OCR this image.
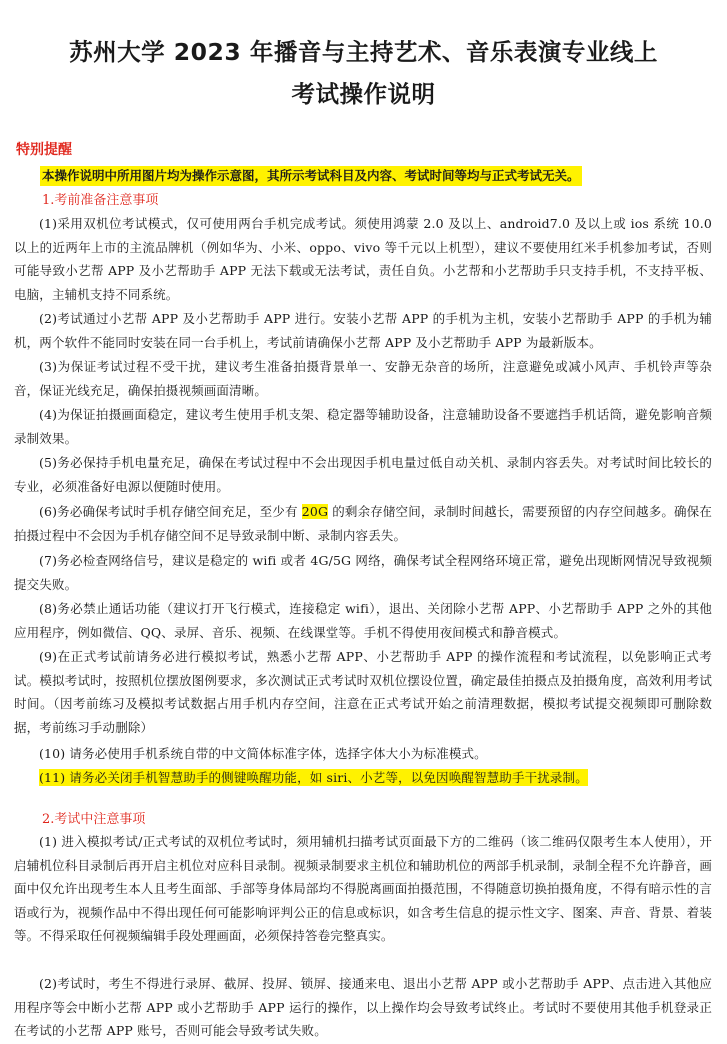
苏州大学 2023 年播音与主持艺术、音乐表演专业线上
考试操作说明
特别提醒
本操作说明中所用图片均为操作示意图，其所示考试科目及内容、考试时间等均与正式考试无关。
1.考前准备注意事项

(1)采用双机位考试模式，仅可使用两台手机完成考试。须使用鸿蒙 2.0 及以上、android7.0 及以上或 ios 系统 10.0 以上的近两年上市的主流品牌机（例如华为、小米、oppo、vivo 等千元以上机型），建议不要使用红米手机参加考试，否则可能导致小艺帮 APP 及小艺帮助手 APP 无法下载或无法考试，责任自负。小艺帮和小艺帮助手只支持手机，不支持平板、电脑，主辅机支持不同系统。

(2)考试通过小艺帮 APP 及小艺帮助手 APP 进行。安装小艺帮 APP 的手机为主机，安装小艺帮助手 APP 的手机为辅机，两个软件不能同时安装在同一台手机上，考试前请确保小艺帮 APP 及小艺帮助手 APP 为最新版本。

(3)为保证考试过程不受干扰，建议考生准备拍摄背景单一、安静无杂音的场所，注意避免或减小风声、手机铃声等杂音，保证光线充足，确保拍摄视频画面清晰。

(4)为保证拍摄画面稳定，建议考生使用手机支架、稳定器等辅助设备，注意辅助设备不要遮挡手机话筒，避免影响音频录制效果。

(5)务必保持手机电量充足，确保在考试过程中不会出现因手机电量过低自动关机、录制内容丢失。对考试时间比较长的专业，必须准备好电源以便随时使用。

(6)务必确保考试时手机存储空间充足，至少有 20G 的剩余存储空间，录制时间越长，需要预留的内存空间越多。确保在拍摄过程中不会因为手机存储空间不足导致录制中断、录制内容丢失。

(7)务必检查网络信号，建议是稳定的 wifi 或者 4G/5G 网络，确保考试全程网络环境正常，避免出现断网情况导致视频提交失败。

(8)务必禁止通话功能（建议打开飞行模式，连接稳定 wifi），退出、关闭除小艺帮 APP、小艺帮助手 APP 之外的其他应用程序，例如微信、QQ、录屏、音乐、视频、在线课堂等。手机不得使用夜间模式和静音模式。

(9)在正式考试前请务必进行模拟考试，熟悉小艺帮 APP、小艺帮助手 APP 的操作流程和考试流程，以免影响正式考试。模拟考试时，按照机位摆放图例要求，多次测试正式考试时双机位摆设位置，确定最佳拍摄点及拍摄角度，高效利用考试时间。（因考前练习及模拟考试数据占用手机内存空间，注意在正式考试开始之前清理数据，模拟考试提交视频即可删除数据，考前练习手动删除）

(10) 请务必使用手机系统自带的中文简体标准字体，选择字体大小为标准模式。

(11) 请务必关闭手机智慧助手的侧键唤醒功能，如 siri、小艺等，以免因唤醒智慧助手干扰录制。

2.考试中注意事项

(1) 进入模拟考试/正式考试的双机位考试时，须用辅机扫描考试页面最下方的二维码（该二维码仅限考生本人使用），开启辅机位科目录制后再开启主机位对应科目录制。视频录制要求主机位和辅助机位的两部手机录制，录制全程不允许静音，画面中仅允许出现考生本人且考生面部、手部等身体局部均不得脱离画面拍摄范围，不得随意切换拍摄角度，不得有暗示性的言语或行为，视频作品中不得出现任何可能影响评判公正的信息或标识，如含考生信息的提示性文字、图案、声音、背景、着装等。不得采取任何视频编辑手段处理画面，必须保持答卷完整真实。

(2)考试时，考生不得进行录屏、截屏、投屏、锁屏、接通来电、退出小艺帮 APP 或小艺帮助手 APP、点击进入其他应用程序等会中断小艺帮 APP 或小艺帮助手 APP 运行的操作，以上操作均会导致考试终止。考试时不要使用其他手机登录正在考试的小艺帮 APP 账号，否则可能会导致考试失败。
